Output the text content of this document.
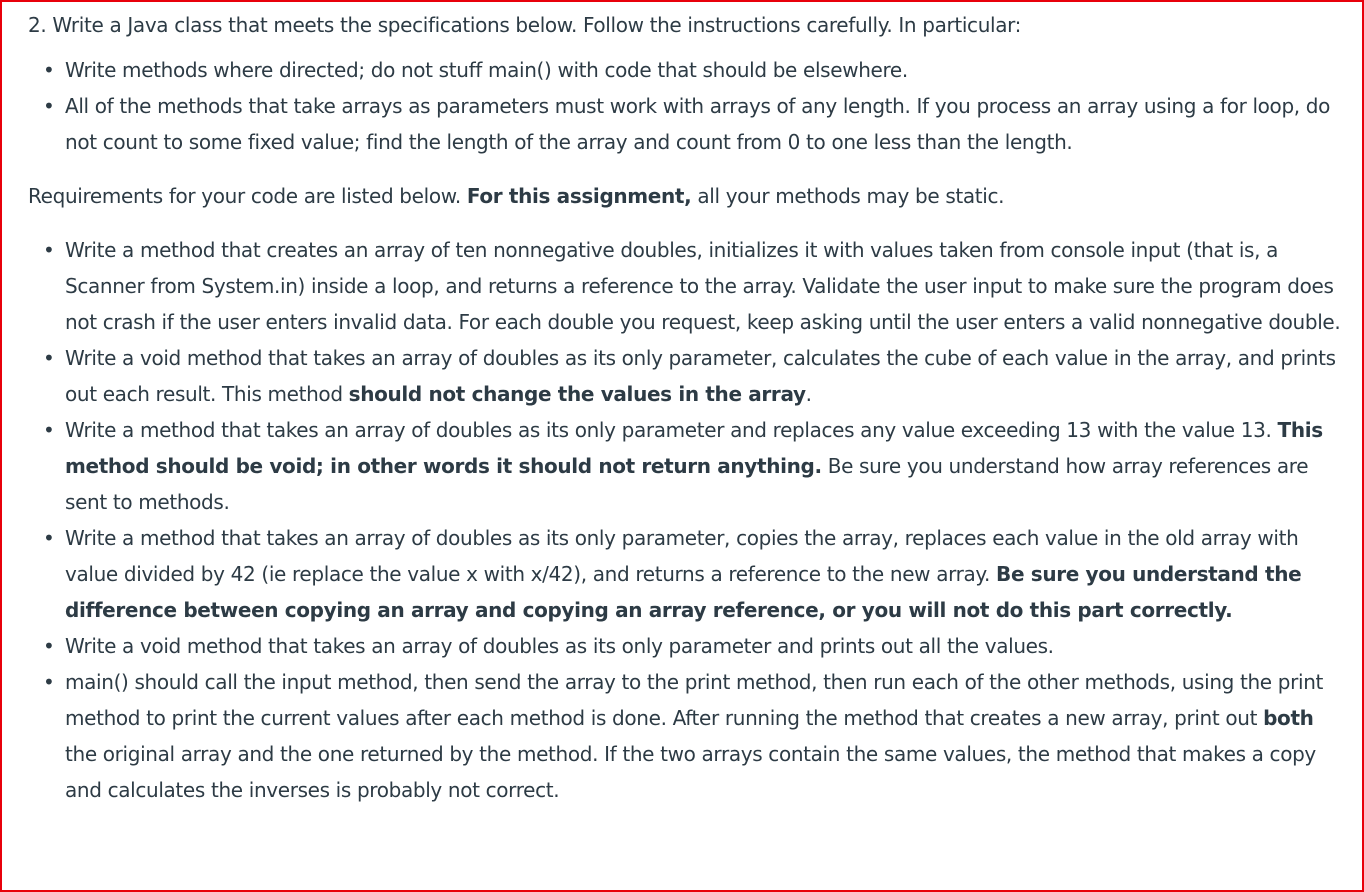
2. Write a Java class that meets the specifications below. Follow the instructions carefully. In particular:

• Write methods where directed; do not stuff main() with code that should be elsewhere.
• All of the methods that take arrays as parameters must work with arrays of any length. If you process an array using a for loop, do not count to some fixed value; find the length of the array and count from 0 to one less than the length.

Requirements for your code are listed below. For this assignment, all your methods may be static.

• Write a method that creates an array of ten nonnegative doubles, initializes it with values taken from console input (that is, a Scanner from System.in) inside a loop, and returns a reference to the array. Validate the user input to make sure the program does not crash if the user enters invalid data. For each double you request, keep asking until the user enters a valid nonnegative double.
• Write a void method that takes an array of doubles as its only parameter, calculates the cube of each value in the array, and prints out each result. This method should not change the values in the array.
• Write a method that takes an array of doubles as its only parameter and replaces any value exceeding 13 with the value 13. This method should be void; in other words it should not return anything. Be sure you understand how array references are sent to methods.
• Write a method that takes an array of doubles as its only parameter, copies the array, replaces each value in the old array with value divided by 42 (ie replace the value x with x/42), and returns a reference to the new array. Be sure you understand the difference between copying an array and copying an array reference, or you will not do this part correctly.
• Write a void method that takes an array of doubles as its only parameter and prints out all the values.
• main() should call the input method, then send the array to the print method, then run each of the other methods, using the print method to print the current values after each method is done. After running the method that creates a new array, print out both the original array and the one returned by the method. If the two arrays contain the same values, the method that makes a copy and calculates the inverses is probably not correct.
